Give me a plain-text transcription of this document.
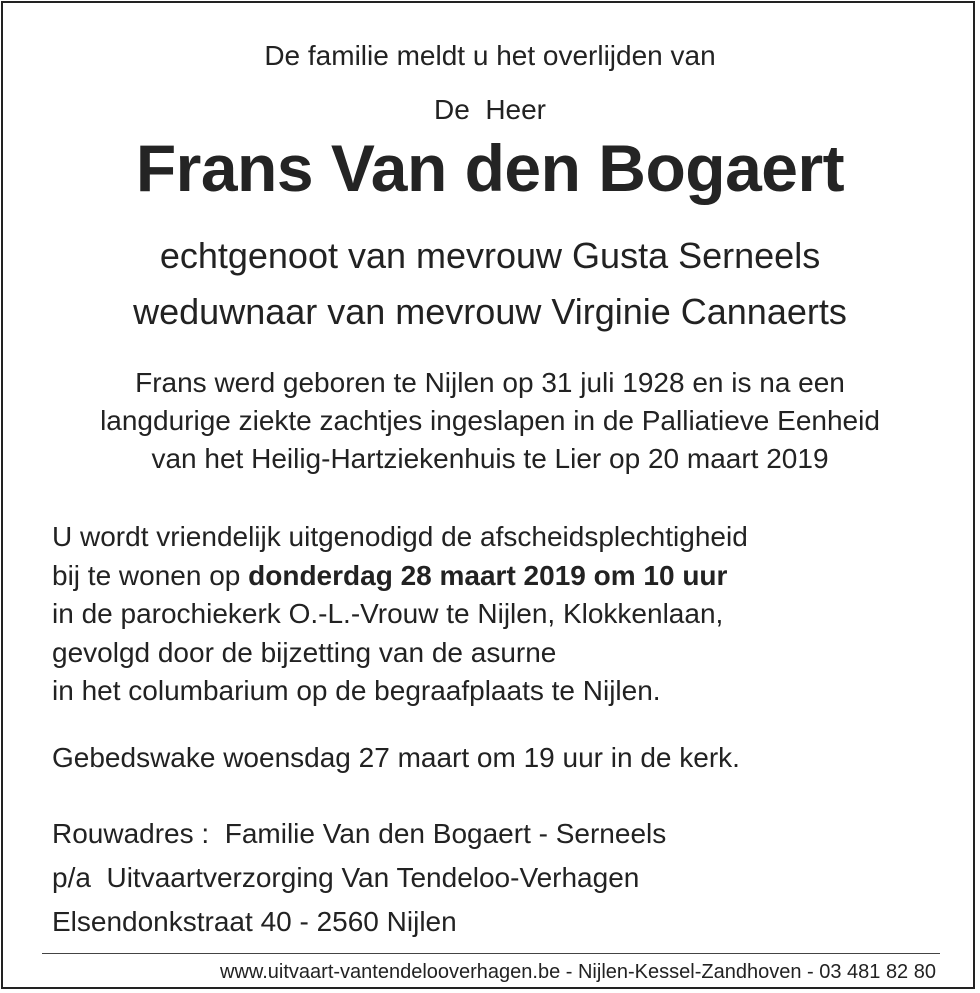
De familie meldt u het overlijden van
De  Heer
Frans Van den Bogaert
echtgenoot van mevrouw Gusta Serneels
weduwnaar van mevrouw Virginie Cannaerts
Frans werd geboren te Nijlen op 31 juli 1928 en is na een
langdurige ziekte zachtjes ingeslapen in de Palliatieve Eenheid
van het Heilig-Hartziekenhuis te Lier op 20 maart 2019
U wordt vriendelijk uitgenodigd de afscheidsplechtigheid
bij te wonen op donderdag 28 maart 2019 om 10 uur
in de parochiekerk O.-L.-Vrouw te Nijlen, Klokkenlaan,
gevolgd door de bijzetting van de asurne
in het columbarium op de begraafplaats te Nijlen.
Gebedswake woensdag 27 maart om 19 uur in de kerk.
Rouwadres :  Familie Van den Bogaert - Serneels
p/a  Uitvaartverzorging Van Tendeloo-Verhagen
Elsendonkstraat 40 - 2560 Nijlen
www.uitvaart-vantendelooverhagen.be - Nijlen-Kessel-Zandhoven - 03 481 82 80
